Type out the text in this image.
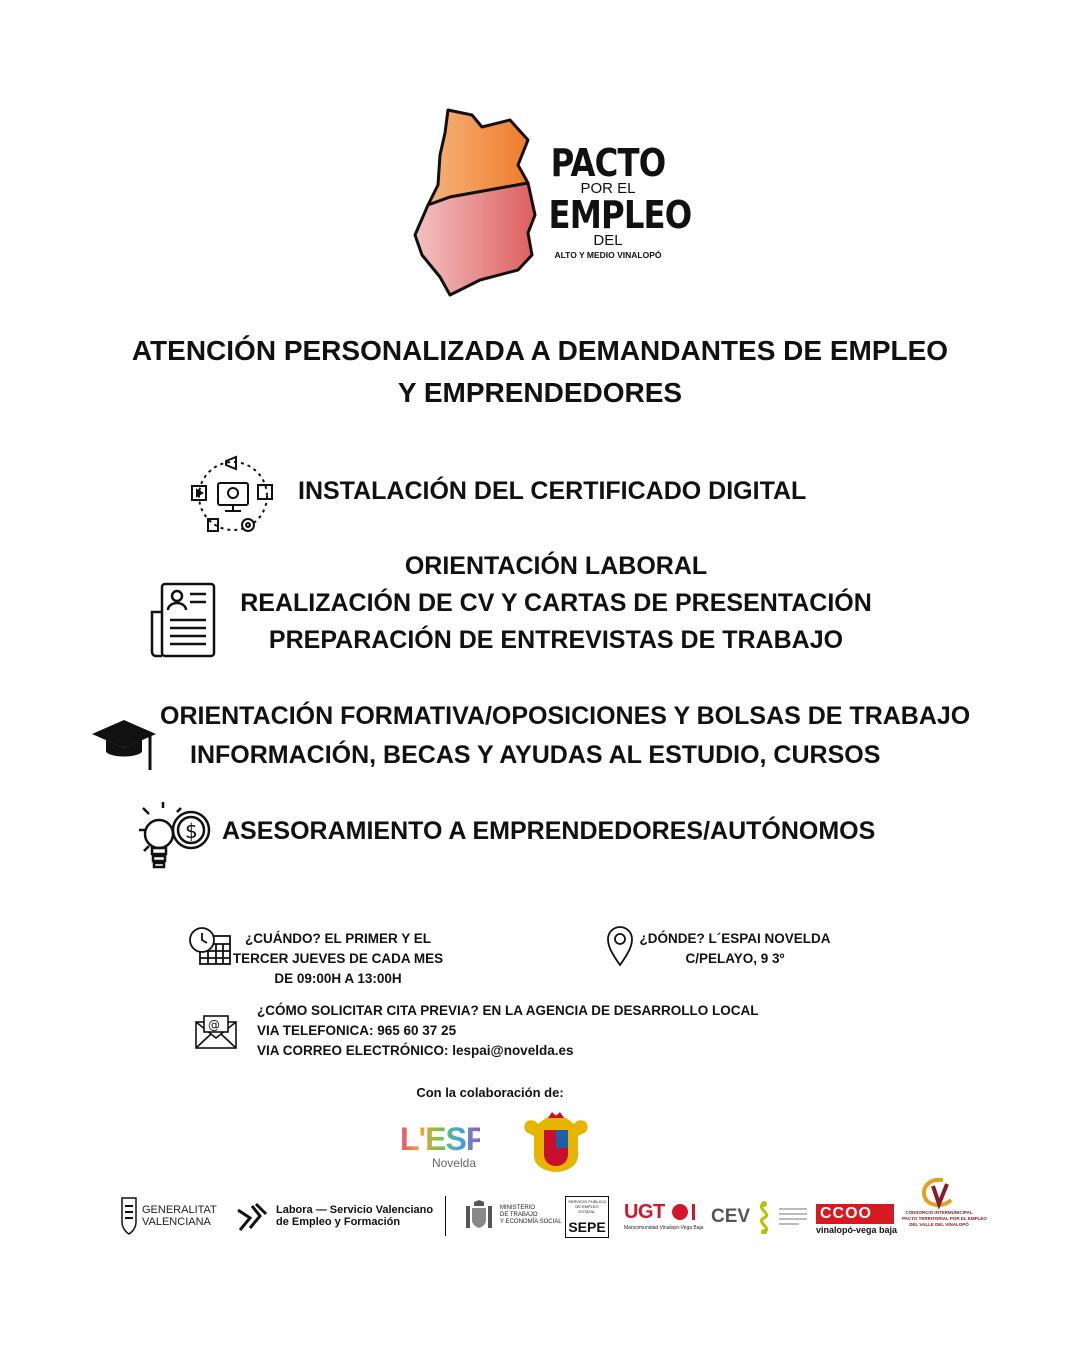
PACTO
POR EL
EMPLEO
DEL
ALTO Y MEDIO VINALOPÓ
ATENCIÓN PERSONALIZADA A DEMANDANTES DE EMPLEO
Y EMPRENDEDORES
INSTALACIÓN DEL CERTIFICADO DIGITAL
ORIENTACIÓN LABORAL
REALIZACIÓN DE CV Y CARTAS DE PRESENTACIÓN
PREPARACIÓN DE ENTREVISTAS DE TRABAJO
ORIENTACIÓN FORMATIVA/OPOSICIONES Y BOLSAS DE TRABAJO
INFORMACIÓN, BECAS Y AYUDAS AL ESTUDIO, CURSOS
$ ASESORAMIENTO A EMPRENDEDORES/AUTÓNOMOS
¿CUÁNDO? EL PRIMER Y EL
TERCER JUEVES DE CADA MES
DE 09:00H A 13:00H
¿DÓNDE? L´ESPAI NOVELDA
C/PELAYO, 9 3º
@
¿CÓMO SOLICITAR CITA PREVIA? EN LA AGENCIA DE DESARROLLO LOCAL
VIA TELEFONICA: 965 60 37 25
VIA CORREO ELECTRÓNICO: lespai@novelda.es
Con la colaboración de:
L'ESPAI
Novelda
GENERALITAT
VALENCIANA
Labora — Servicio Valenciano
de Empleo y Formación
MINISTERIO
DE TRABAJO
Y ECONOMÍA SOCIAL
SERVICIO PÚBLICO DE EMPLEO ESTATAL
SEPE
UGT
Mancomunidad Vinalopó-Vega Baja
CEV	CCOO
vinalopó-vega baja
CONSORCIO INTERMUNICIPAL
PACTO TERRITORIAL POR EL EMPLEO
DEL VALLE DEL VINALOPÓ
